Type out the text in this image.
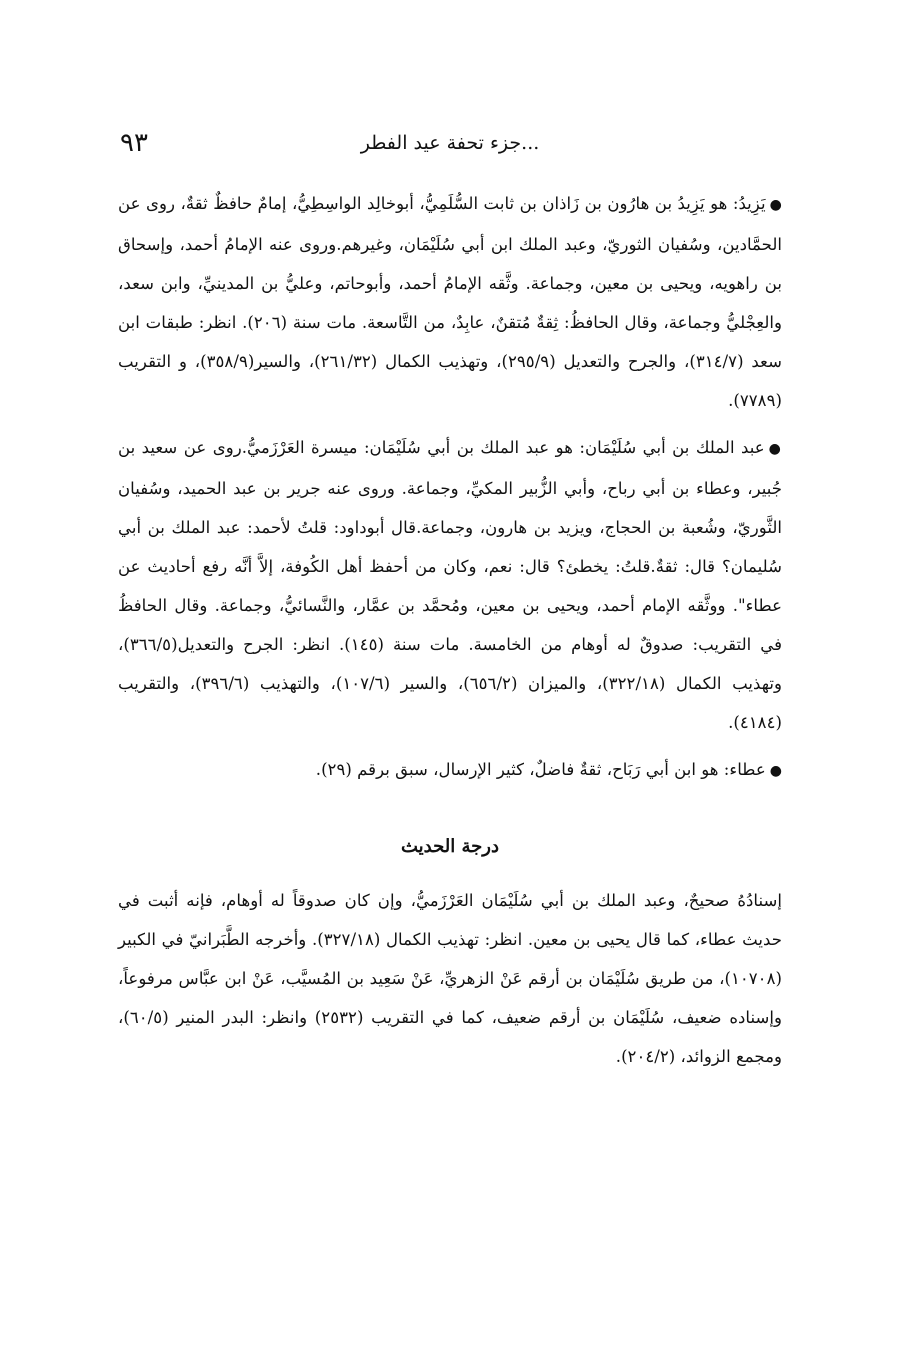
٩٣	جزء تحفة عيد الفطر...

●يَزِيدُ: هو يَزِيدُ بن هارُون بن زَاذان بن ثابت السُّلَمِيُّ، أبوخالِد الواسِطِيُّ، إمامٌ حافظٌ ثقةٌ، روى عن الحمَّادين، وسُفيان الثوريّ، وعبد الملك ابن أبي سُلَيْمَان، وغيرهم.وروى عنه الإمامُ أحمد، وإسحاق بن راهويه، ويحيى بن معين، وجماعة. وثَّقه الإمامُ أحمد، وأبوحاتم، وعليُّ بن المدينيِّ، وابن سعد، والعِجْليُّ وجماعة، وقال الحافظُ: ثِقةٌ مُتقنٌ، عابِدٌ، من التَّاسعة. مات سنة (٢٠٦). انظر: طبقات ابن سعد (٣١٤/٧)، والجرح والتعديل (٢٩٥/٩)، وتهذيب الكمال (٢٦١/٣٢)، والسير(٣٥٨/٩)، و التقريب (٧٧٨٩).

●عبد الملك بن أبي سُلَيْمَان: هو عبد الملك بن أبي سُلَيْمَان: ميسرة العَرْزَميُّ.روى عن سعيد بن جُبير، وعطاء بن أبي رباح، وأبي الزُّبير المكيِّ، وجماعة. وروى عنه جرير بن عبد الحميد، وسُفيان الثَّوريّ، وشُعبة بن الحجاج، ويزيد بن هارون، وجماعة.قال أبوداود: قلتُ لأحمد: عبد الملك بن أبي سُليمان؟ قال: ثقةٌ.قلتُ: يخطئ؟ قال: نعم، وكان من أحفظ أهل الكُوفة، إلاَّ أنَّه رفع أحاديث عن عطاء". ووثَّقه الإمام أحمد، ويحيى بن معين، ومُحمَّد بن عمَّار، والنَّسائيُّ، وجماعة. وقال الحافظُ في التقريب: صدوقٌ له أوهام من الخامسة. مات سنة (١٤٥). انظر: الجرح والتعديل(٣٦٦/٥)، وتهذيب الكمال (٣٢٢/١٨)، والميزان (٦٥٦/٢)، والسير (١٠٧/٦)، والتهذيب (٣٩٦/٦)، والتقريب (٤١٨٤).

●عطاء: هو ابن أبي رَبَاح، ثقةٌ فاضلٌ، كثير الإرسال، سبق برقم (٢٩).

درجة الحديث

إسنادُهُ صحيحٌ، وعبد الملك بن أبي سُلَيْمَان العَرْزَميُّ، وإن كان صدوقاً له أوهام، فإنه أثبت في حديث عطاء، كما قال يحيى بن معين. انظر: تهذيب الكمال (٣٢٧/١٨). وأخرجه الطَّبَرانيّ في الكبير (١٠٧٠٨)، من طريق سُلَيْمَان بن أرقم عَنْ الزهريِّ، عَنْ سَعِيد بن المُسيَّب، عَنْ ابن عبَّاس مرفوعاً، وإسناده ضعيف، سُلَيْمَان بن أرقم ضعيف، كما في التقريب (٢٥٣٢) وانظر: البدر المنير (٦٠/٥)، ومجمع الزوائد، (٢٠٤/٢).
